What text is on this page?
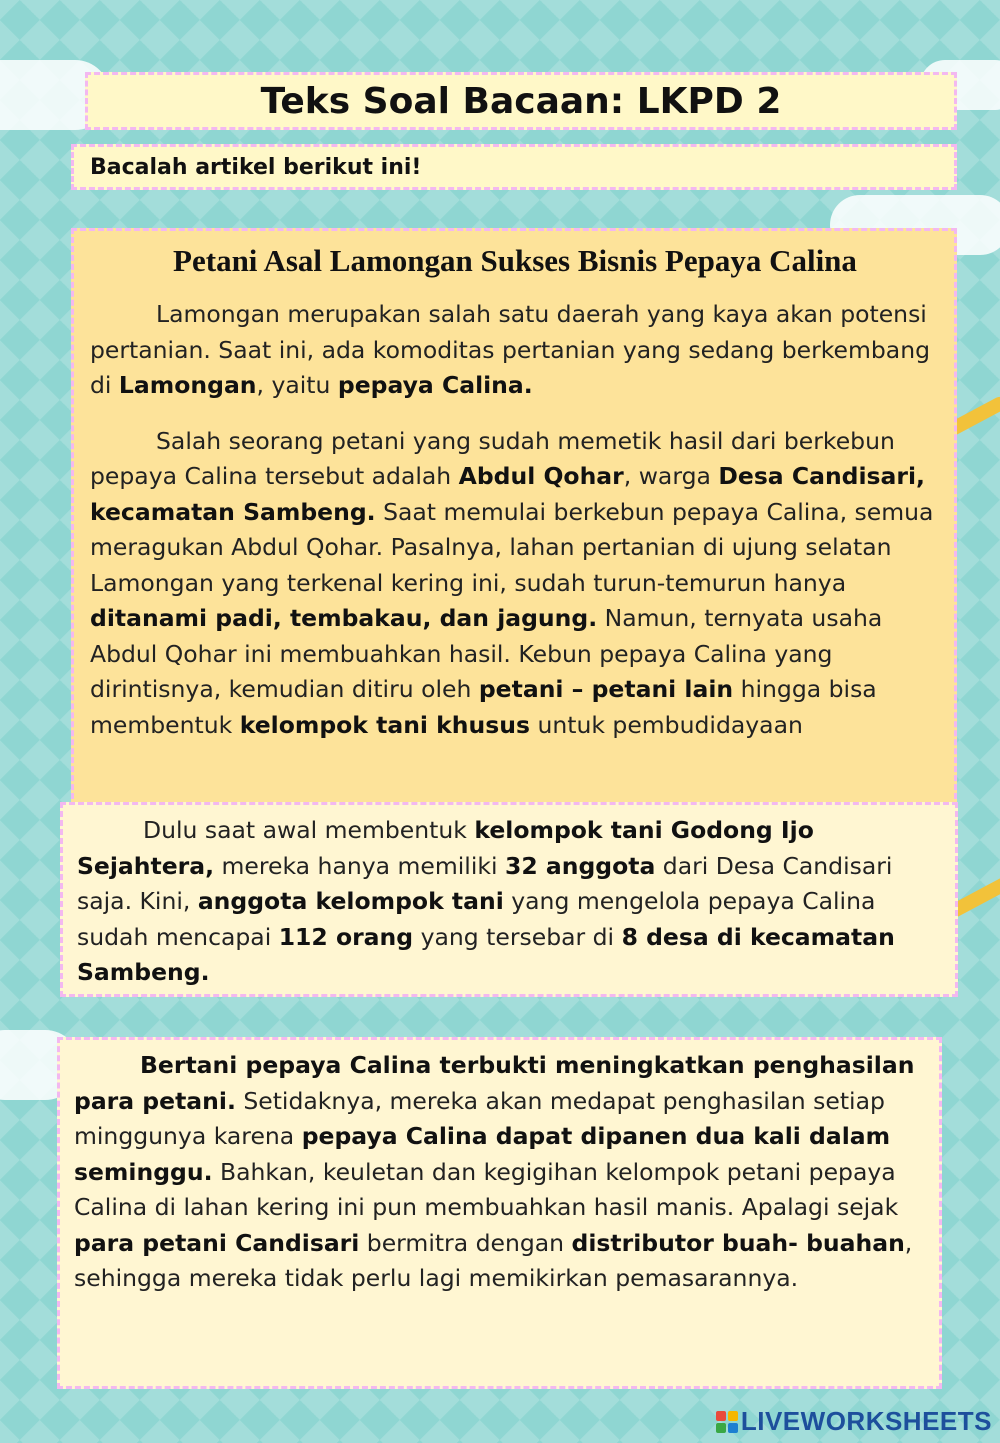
Teks Soal Bacaan: LKPD 2
Bacalah artikel berikut ini!
Petani Asal Lamongan Sukses Bisnis Pepaya Calina

Lamongan merupakan salah satu daerah yang kaya akan potensi pertanian. Saat ini, ada komoditas pertanian yang sedang berkembang di Lamongan, yaitu pepaya Calina.

Salah seorang petani yang sudah memetik hasil dari berkebun pepaya Calina tersebut adalah Abdul Qohar, warga Desa Candisari, kecamatan Sambeng. Saat memulai berkebun pepaya Calina, semua meragukan Abdul Qohar. Pasalnya, lahan pertanian di ujung selatan Lamongan yang terkenal kering ini, sudah turun-temurun hanya ditanami padi, tembakau, dan jagung. Namun, ternyata usaha Abdul Qohar ini membuahkan hasil. Kebun pepaya Calina yang dirintisnya, kemudian ditiru oleh petani – petani lain hingga bisa membentuk kelompok tani khusus untuk pembudidayaan

Dulu saat awal membentuk kelompok tani Godong Ijo Sejahtera, mereka hanya memiliki 32 anggota dari Desa Candisari saja. Kini, anggota kelompok tani yang mengelola pepaya Calina sudah mencapai 112 orang yang tersebar di 8 desa di kecamatan Sambeng.

Bertani pepaya Calina terbukti meningkatkan penghasilan para petani. Setidaknya, mereka akan medapat penghasilan setiap minggunya karena pepaya Calina dapat dipanen dua kali dalam seminggu. Bahkan, keuletan dan kegigihan kelompok petani pepaya Calina di lahan kering ini pun membuahkan hasil manis. Apalagi sejak para petani Candisari bermitra dengan distributor buah- buahan, sehingga mereka tidak perlu lagi memikirkan pemasarannya.

LIVEWORKSHEETS
